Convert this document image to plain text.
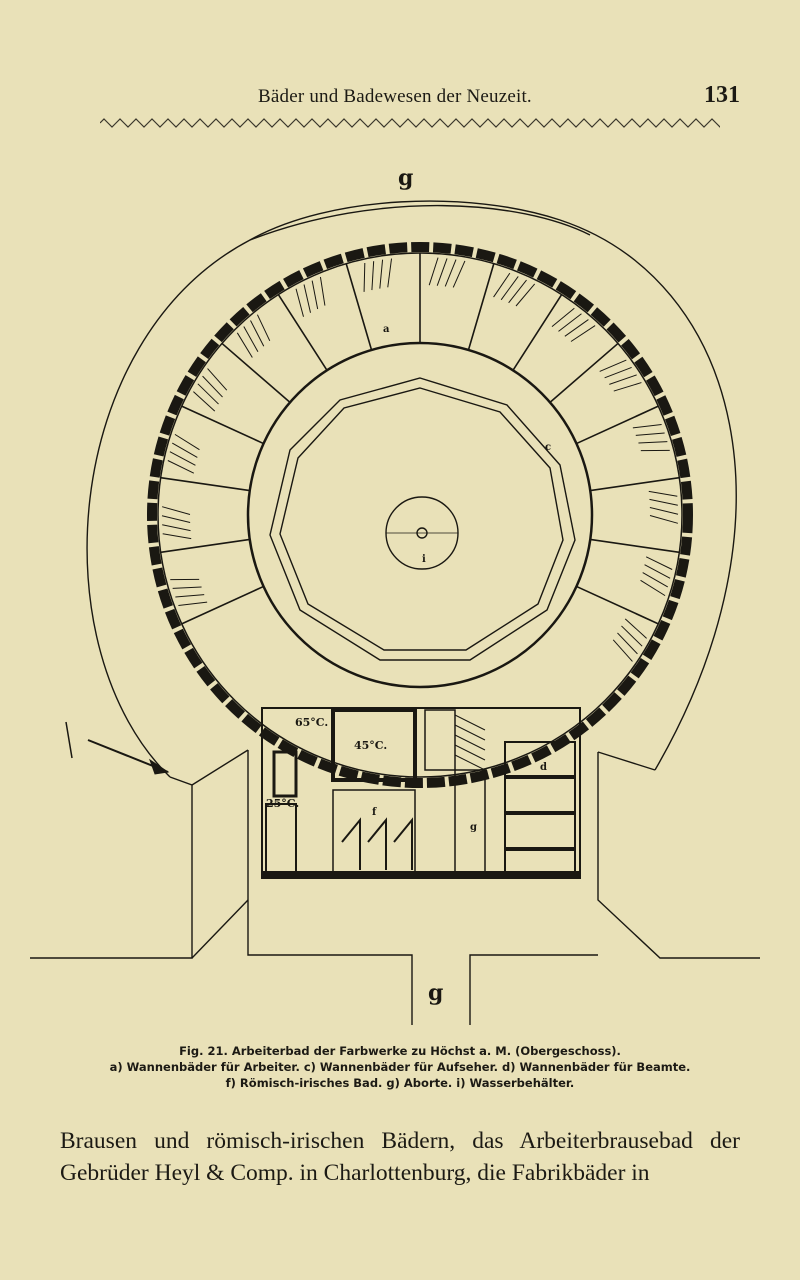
Bäder und Badewesen der Neuzeit.	131
g
g
i
65°C.
45°C.
25°C.
a
c
d
f
g
Fig. 21. Arbeiterbad der Farbwerke zu Höchst a. M. (Obergeschoss).
a) Wannenbäder für Arbeiter. c) Wannenbäder für Aufseher. d) Wannenbäder für Beamte.
f) Römisch-irisches Bad. g) Aborte. i) Wasserbehälter.
Brausen und römisch-irischen Bädern, das Arbeiterbrausebad der
Gebrüder Heyl & Comp. in Charlottenburg, die Fabrikbäder in
